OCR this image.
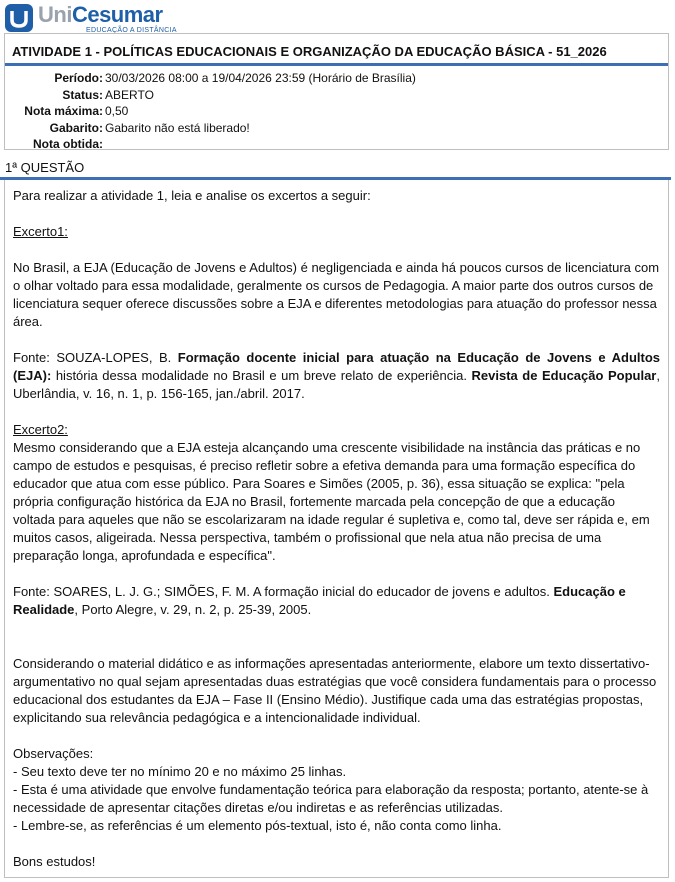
UniCesumar
EDUCAÇÃO A DISTÂNCIA
ATIVIDADE 1 - POLÍTICAS EDUCACIONAIS E ORGANIZAÇÃO DA EDUCAÇÃO BÁSICA - 51_2026
Período: 30/03/2026 08:00 a 19/04/2026 23:59 (Horário de Brasília)
Status: ABERTO
Nota máxima: 0,50
Gabarito: Gabarito não está liberado!
Nota obtida:
1ª QUESTÃO

Para realizar a atividade 1, leia e analise os excertos a seguir:

Excerto1:

No Brasil, a EJA (Educação de Jovens e Adultos) é negligenciada e ainda há poucos cursos de licenciatura com o olhar voltado para essa modalidade, geralmente os cursos de Pedagogia. A maior parte dos outros cursos de licenciatura sequer oferece discussões sobre a EJA e diferentes metodologias para atuação do professor nessa área.

Fonte: SOUZA-LOPES, B. Formação docente inicial para atuação na Educação de Jovens e Adultos (EJA): história dessa modalidade no Brasil e um breve relato de experiência. Revista de Educação Popular, Uberlândia, v. 16, n. 1, p. 156-165, jan./abril. 2017.

Excerto2:

Mesmo considerando que a EJA esteja alcançando uma crescente visibilidade na instância das práticas e no campo de estudos e pesquisas, é preciso refletir sobre a efetiva demanda para uma formação específica do educador que atua com esse público. Para Soares e Simões (2005, p. 36), essa situação se explica: "pela própria configuração histórica da EJA no Brasil, fortemente marcada pela concepção de que a educação voltada para aqueles que não se escolarizaram na idade regular é supletiva e, como tal, deve ser rápida e, em muitos casos, aligeirada. Nessa perspectiva, também o profissional que nela atua não precisa de uma preparação longa, aprofundada e específica".

Fonte: SOARES, L. J. G.; SIMÕES, F. M. A formação inicial do educador de jovens e adultos. Educação e Realidade, Porto Alegre, v. 29, n. 2, p. 25-39, 2005.

Considerando o material didático e as informações apresentadas anteriormente, elabore um texto dissertativo-argumentativo no qual sejam apresentadas duas estratégias que você considera fundamentais para o processo educacional dos estudantes da EJA – Fase II (Ensino Médio). Justifique cada uma das estratégias propostas, explicitando sua relevância pedagógica e a intencionalidade individual.

Observações:

- Seu texto deve ter no mínimo 20 e no máximo 25 linhas.

- Esta é uma atividade que envolve fundamentação teórica para elaboração da resposta; portanto, atente-se à necessidade de apresentar citações diretas e/ou indiretas e as referências utilizadas.

- Lembre-se, as referências é um elemento pós-textual, isto é, não conta como linha.

Bons estudos!
